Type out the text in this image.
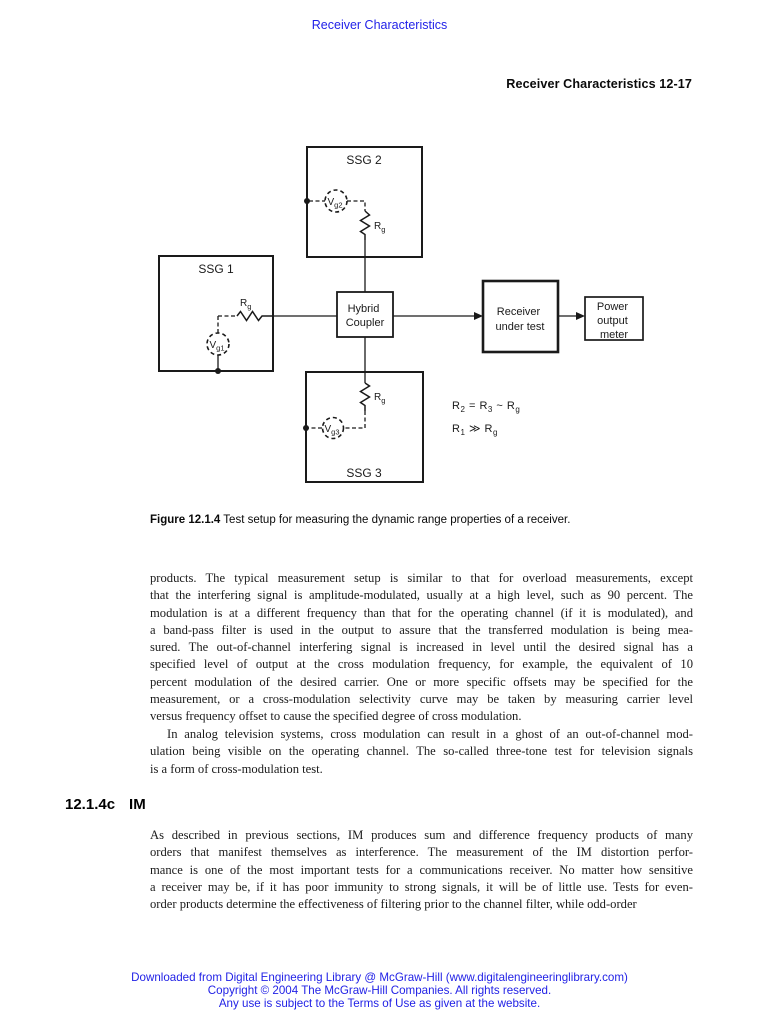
Receiver Characteristics
Receiver Characteristics 12-17
SSG 2
SSG 1
SSG 3
Hybrid Coupler
Receiver under test
Power output meter
$R_g$
$R_g$
$R_g$
$V_{g2}$
$V_{g1}$
$V_{g3}$
$R_2 = R_3$ ~ $R_g$
$R_1$ ≫ $R_g$
Figure 12.1.4 Test setup for measuring the dynamic range properties of a receiver.
products. The typical measurement setup is similar to that for overload measurements, except
that the interfering signal is amplitude-modulated, usually at a high level, such as 90 percent. The
modulation is at a different frequency than that for the operating channel (if it is modulated), and
a band-pass filter is used in the output to assure that the transferred modulation is being mea-
sured. The out-of-channel interfering signal is increased in level until the desired signal has a
specified level of output at the cross modulation frequency, for example, the equivalent of 10
percent modulation of the desired carrier. One or more specific offsets may be specified for the
measurement, or a cross-modulation selectivity curve may be taken by measuring carrier level
versus frequency offset to cause the specified degree of cross modulation.
In analog television systems, cross modulation can result in a ghost of an out-of-channel mod-
ulation being visible on the operating channel. The so-called three-tone test for television signals
is a form of cross-modulation test.
12.1.4c IM
As described in previous sections, IM produces sum and difference frequency products of many
orders that manifest themselves as interference. The measurement of the IM distortion perfor-
mance is one of the most important tests for a communications receiver. No matter how sensitive
a receiver may be, if it has poor immunity to strong signals, it will be of little use. Tests for even-
order products determine the effectiveness of filtering prior to the channel filter, while odd-order
Downloaded from Digital Engineering Library @ McGraw-Hill (www.digitalengineeringlibrary.com)
Copyright © 2004 The McGraw-Hill Companies. All rights reserved.
Any use is subject to the Terms of Use as given at the website.
